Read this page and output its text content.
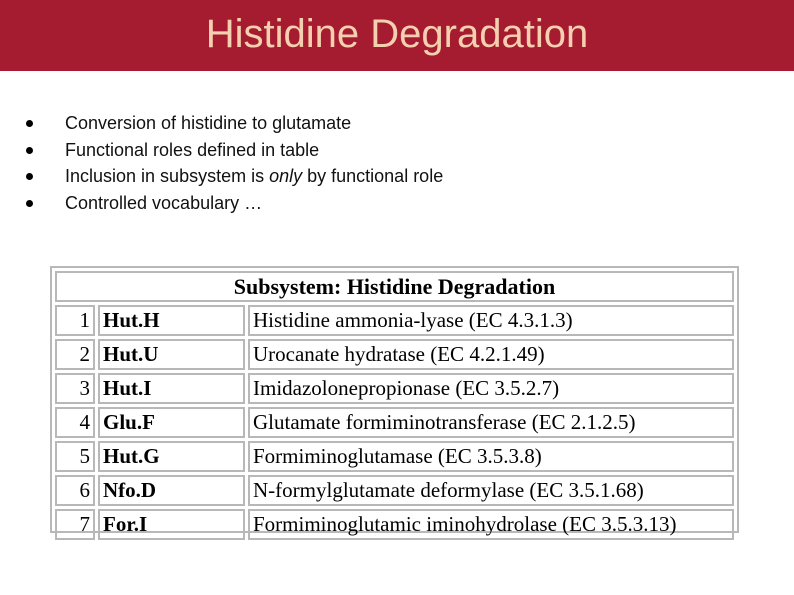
Histidine Degradation
Conversion of histidine to glutamate
Functional roles defined in table
Inclusion in subsystem is only by functional role
Controlled vocabulary …
Subsystem: Histidine Degradation		
1	Hut.H	Histidine ammonia-lyase (EC 4.3.1.3)
2	Hut.U	Urocanate hydratase (EC 4.2.1.49)
3	Hut.I	Imidazolonepropionase (EC 3.5.2.7)
4	Glu.F	Glutamate formiminotransferase (EC 2.1.2.5)
5	Hut.G	Formiminoglutamase (EC 3.5.3.8)
6	Nfo.D	N-formylglutamate deformylase (EC 3.5.1.68)
7	For.I	Formiminoglutamic iminohydrolase (EC 3.5.3.13)
